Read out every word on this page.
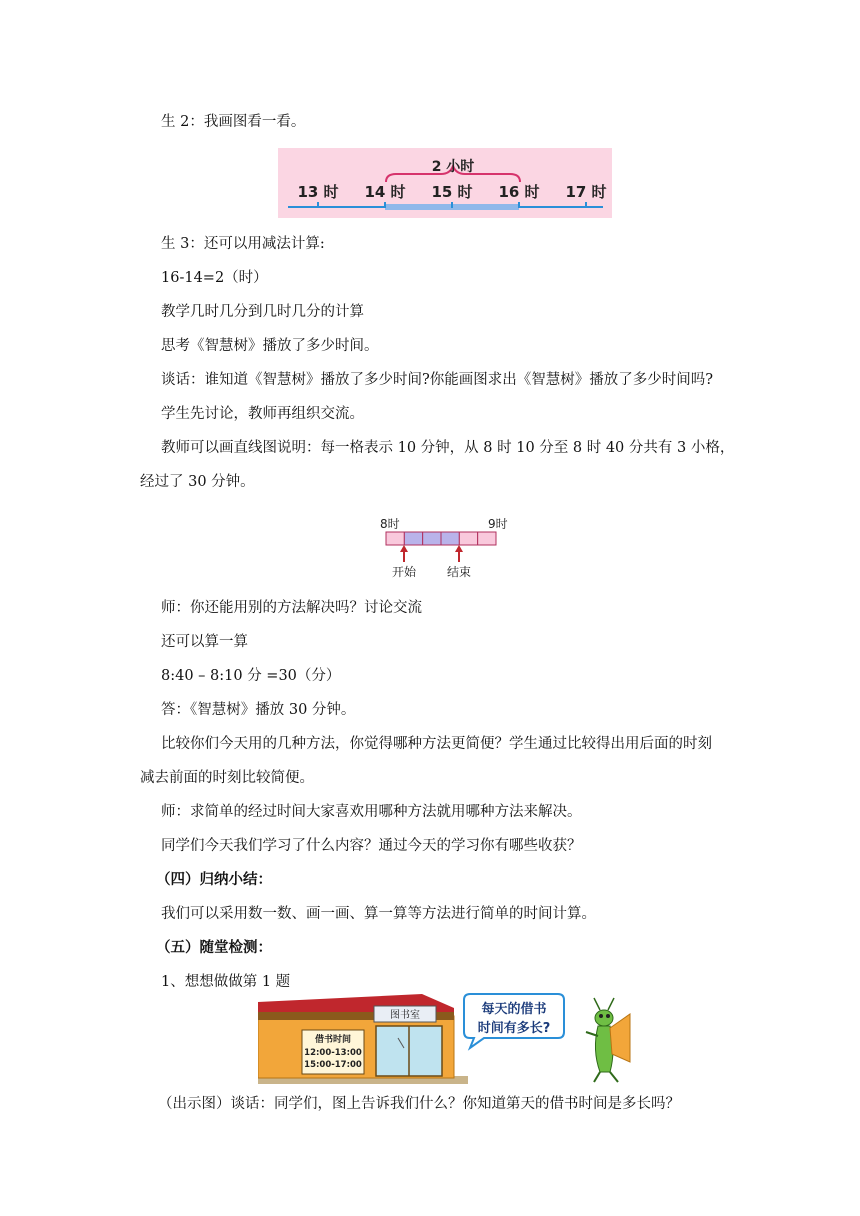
生 2：我画图看一看。
2 小时
13 时 14 时 15 时 16 时 17 时
生 3：还可以用减法计算:
16-14=2（时）
教学几时几分到几时几分的计算
思考《智慧树》播放了多少时间。
谈话：谁知道《智慧树》播放了多少时间?你能画图求出《智慧树》播放了多少时间吗?
学生先讨论，教师再组织交流。
教师可以画直线图说明：每一格表示 10 分钟，从 8 时 10 分至 8 时 40 分共有 3 小格，
经过了 30 分钟。
8时	9时
开始	结束
师：你还能用别的方法解决吗？讨论交流
还可以算一算
8:40 – 8:10 分 =30（分）
答：《智慧树》播放 30 分钟。
比较你们今天用的几种方法，你觉得哪种方法更简便？学生通过比较得出用后面的时刻
减去前面的时刻比较简便。
师：求简单的经过时间大家喜欢用哪种方法就用哪种方法来解决。
同学们今天我们学习了什么内容？通过今天的学习你有哪些收获？
（四）归纳小结：
我们可以采用数一数、画一画、算一算等方法进行简单的时间计算。
（五）随堂检测：
1、想想做做第 1 题
图书室
借书时间
12:00-13:00
15:00-17:00
每天的借书
时间有多长?
（出示图）谈话：同学们，图上告诉我们什么？你知道第天的借书时间是多长吗？
